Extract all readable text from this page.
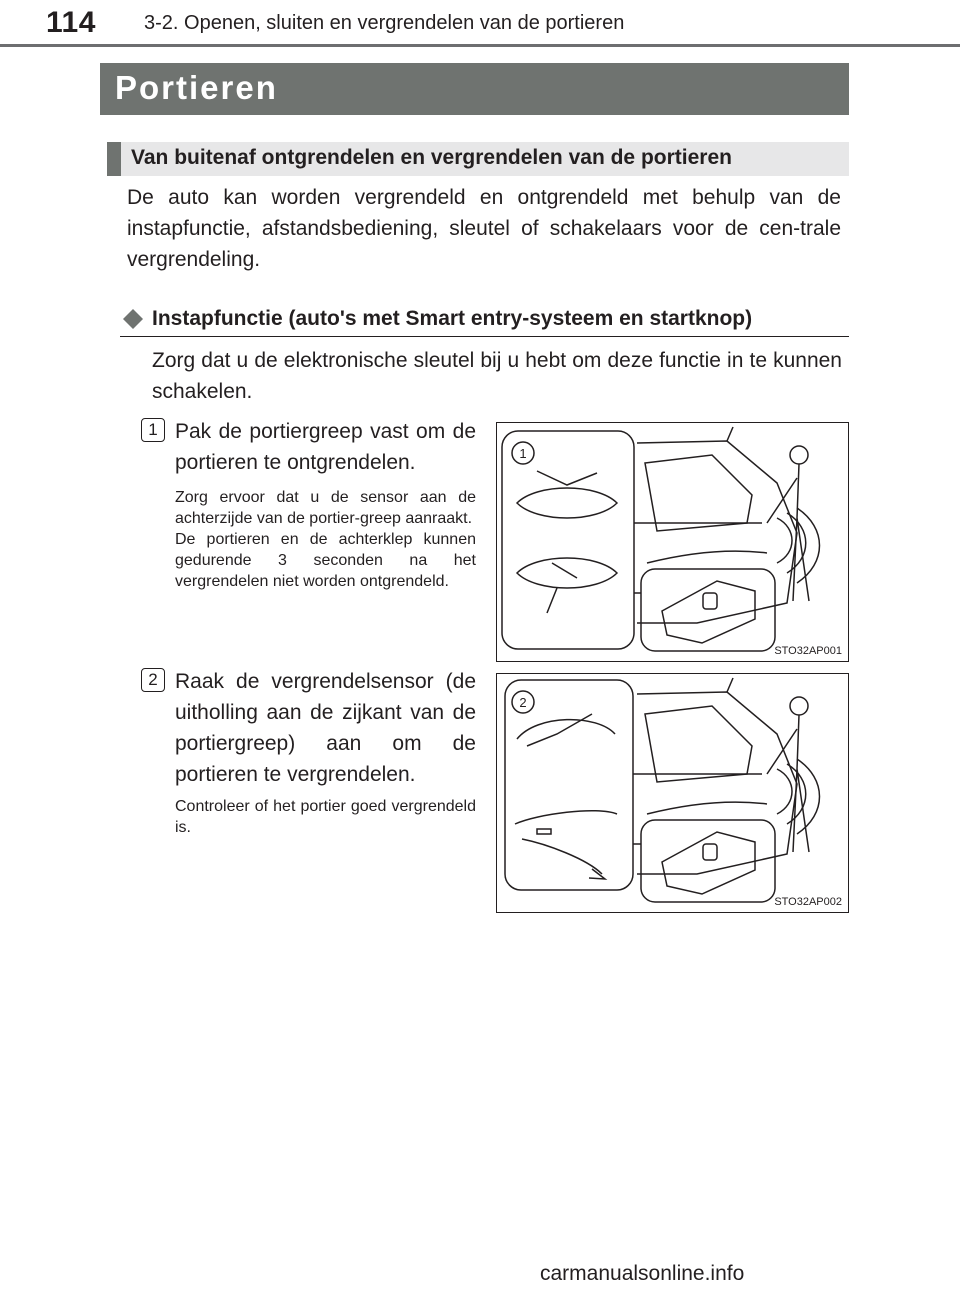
114 3-2. Openen, sluiten en vergrendelen van de portieren
Portieren
Van buitenaf ontgrendelen en vergrendelen van de portieren
De auto kan worden vergrendeld en ontgrendeld met behulp van de instapfunctie, afstandsbediening, sleutel of schakelaars voor de cen-trale vergrendeling.
Instapfunctie (auto's met Smart entry-systeem en startknop)
Zorg dat u de elektronische sleutel bij u hebt om deze functie in te kunnen schakelen.
1 Pak de portiergreep vast om de portieren te ontgrendelen.
Zorg ervoor dat u de sensor aan de achterzijde van de portier-greep aanraakt.
De portieren en de achterklep kunnen gedurende 3 seconden na het vergrendelen niet worden ontgrendeld.
1
STO32AP001
2 Raak de vergrendelsensor (de uitholling aan de zijkant van de portiergreep) aan om de portieren te vergrendelen.
Controleer of het portier goed vergrendeld is.
2
STO32AP002
carmanualsonline.info
